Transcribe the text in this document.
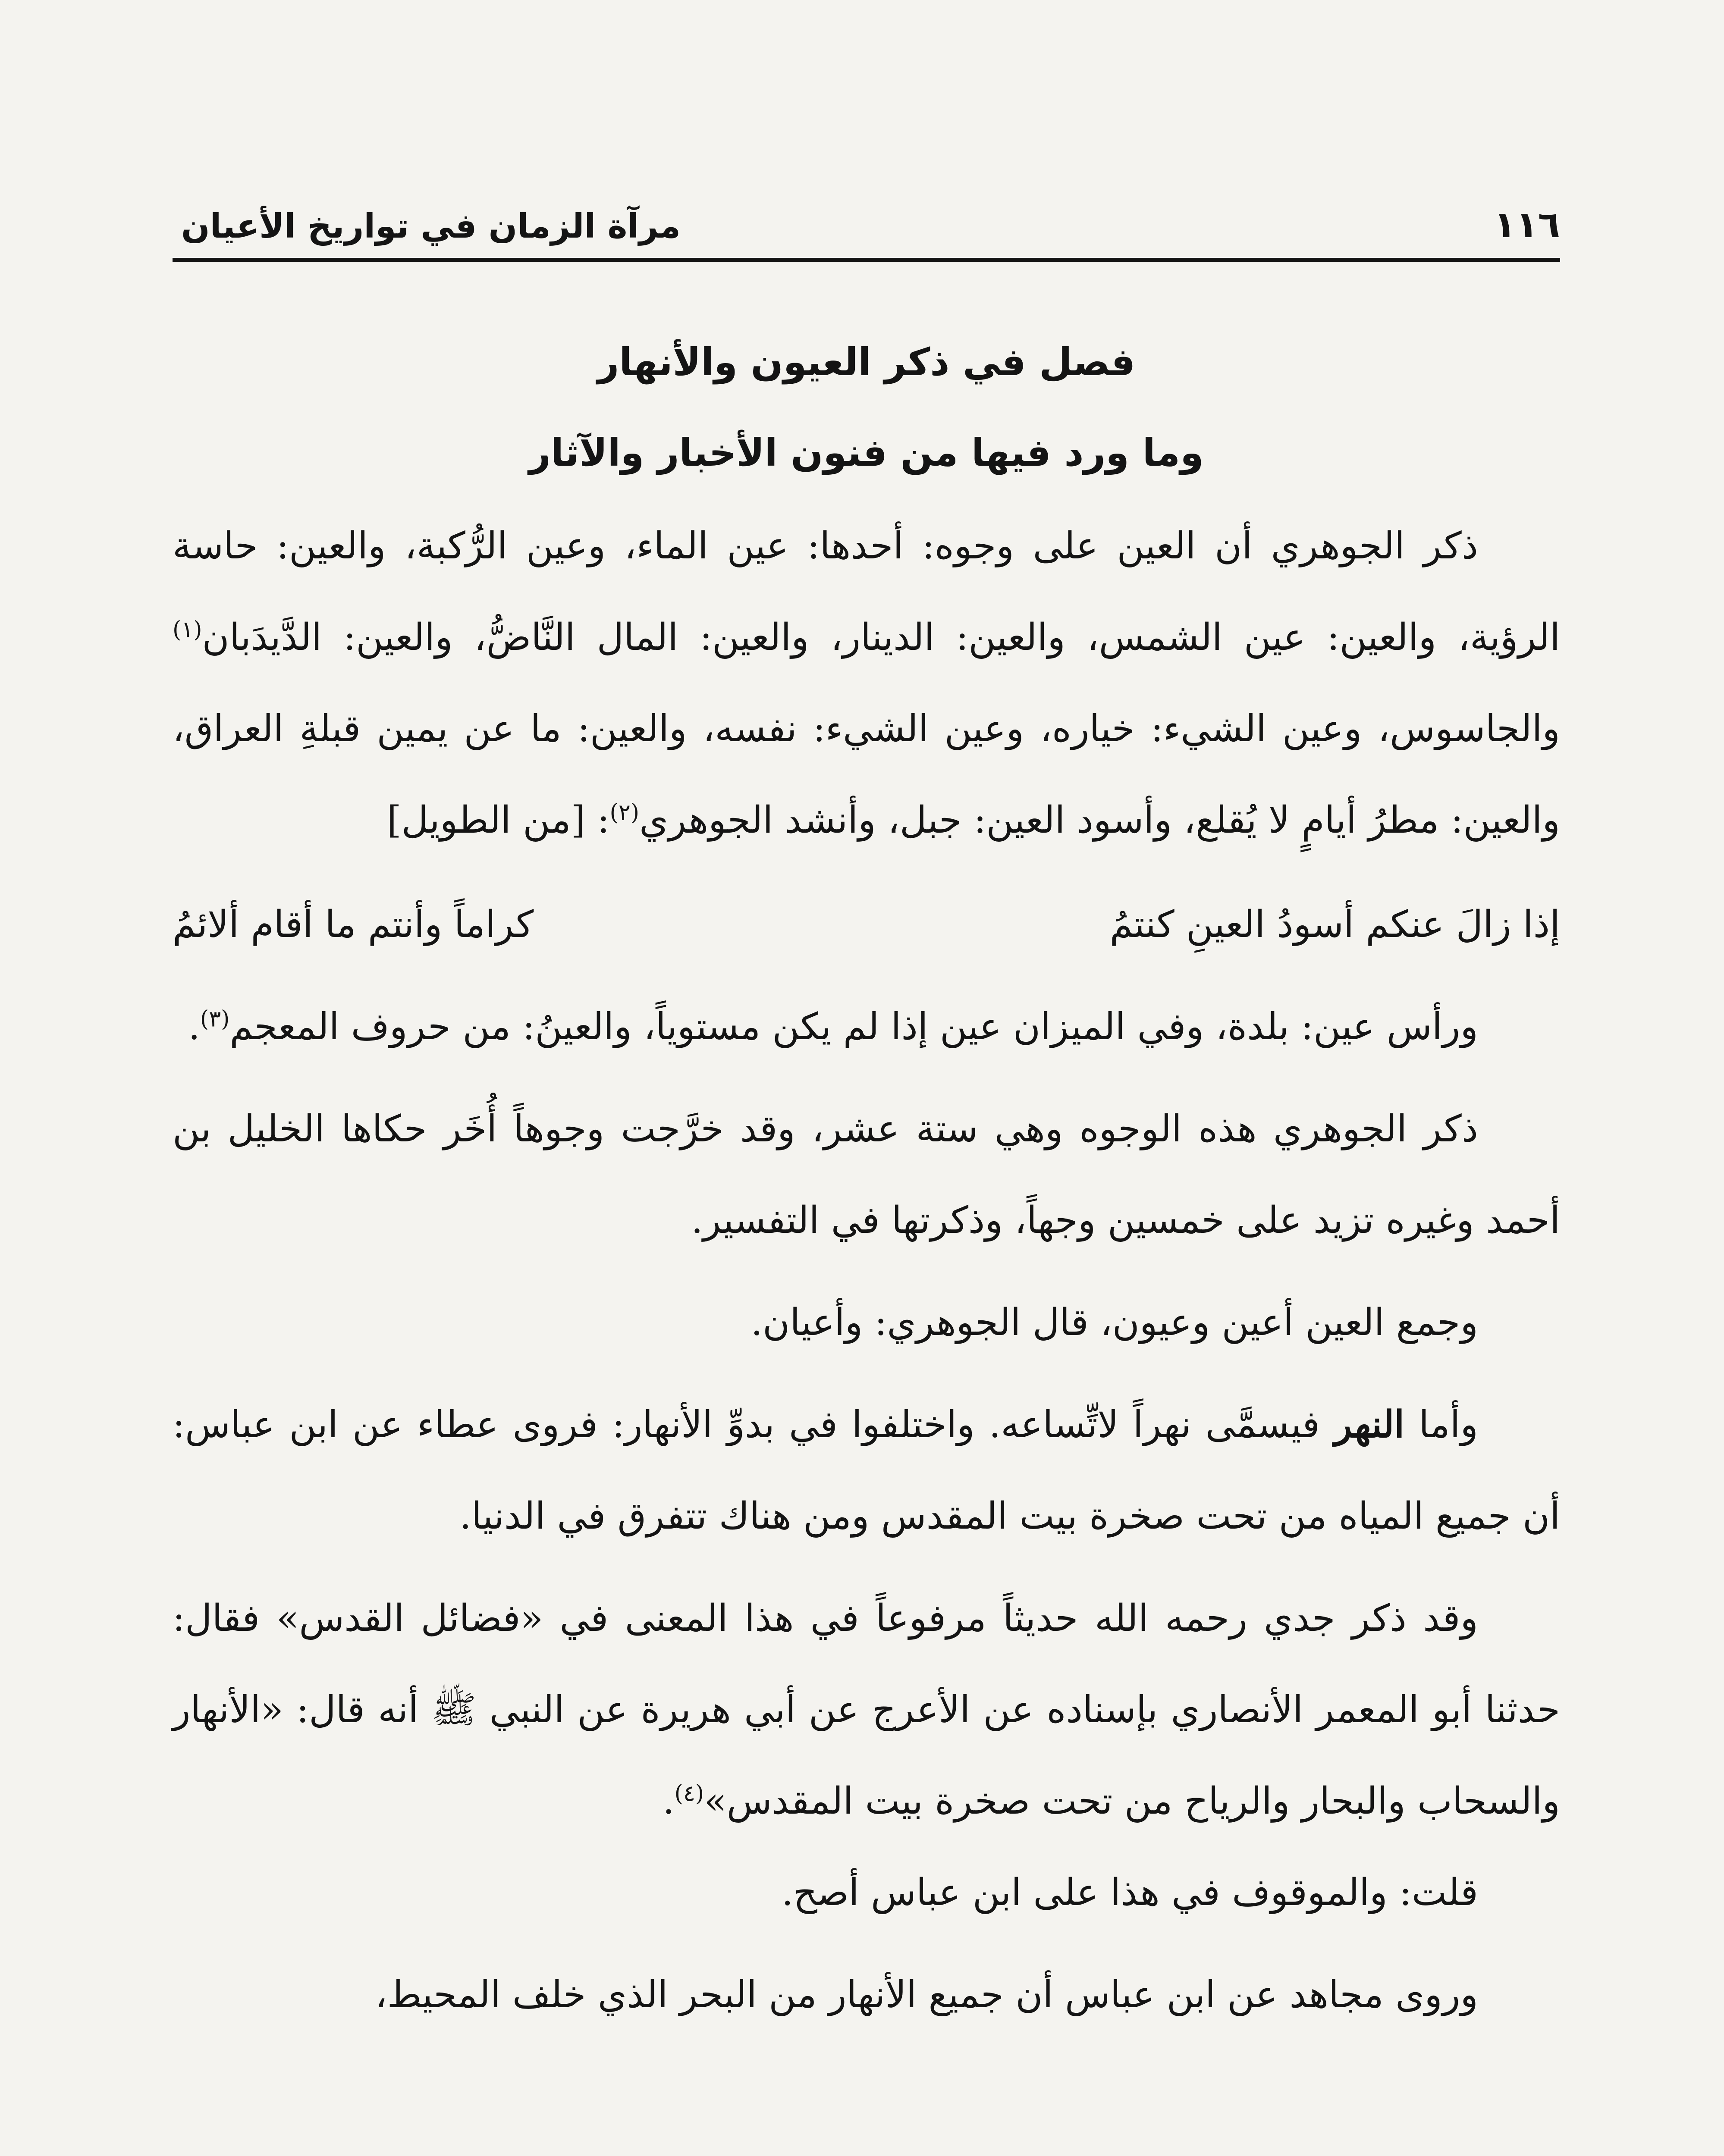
١١٦
مرآة الزمان في تواريخ الأعيان
فصل في ذكر العيون والأنهار
وما ورد فيها من فنون الأخبار والآثار

ذكر الجوهري أن العين على وجوه: أحدها: عين الماء، وعين الرُّكبة، والعين: حاسة الرؤية، والعين: عين الشمس، والعين: الدينار، والعين: المال النَّاضُّ، والعين: الدَّيدَبان$^{(١)}$ والجاسوس، وعين الشيء: خياره، وعين الشيء: نفسه، والعين: ما عن يمين قبلةِ العراق، والعين: مطرُ أيامٍ لا يُقلع، وأسود العين: جبل، وأنشد الجوهري$^{(٢)}$: [من الطويل]

إذا زالَ عنكم أسودُ العينِ كنتمُ
كراماً وأنتم ما أقام ألائمُ

ورأس عين: بلدة، وفي الميزان عين إذا لم يكن مستوياً، والعينُ: من حروف المعجم$^{(٣)}$.

ذكر الجوهري هذه الوجوه وهي ستة عشر، وقد خرَّجت وجوهاً أُخَر حكاها الخليل بن أحمد وغيره تزيد على خمسين وجهاً، وذكرتها في التفسير.

وجمع العين أعين وعيون، قال الجوهري: وأعيان.

وأما النهر فيسمَّى نهراً لاتِّساعه. واختلفوا في بدوِّ الأنهار: فروى عطاء عن ابن عباس: أن جميع المياه من تحت صخرة بيت المقدس ومن هناك تتفرق في الدنيا.

وقد ذكر جدي رحمه الله حديثاً مرفوعاً في هذا المعنى في «فضائل القدس» فقال: حدثنا أبو المعمر الأنصاري بإسناده عن الأعرج عن أبي هريرة عن النبي ﷺ أنه قال: «الأنهار والسحاب والبحار والرياح من تحت صخرة بيت المقدس»$^{(٤)}$.

قلت: والموقوف في هذا على ابن عباس أصح.

وروى مجاهد عن ابن عباس أن جميع الأنهار من البحر الذي خلف المحيط،
